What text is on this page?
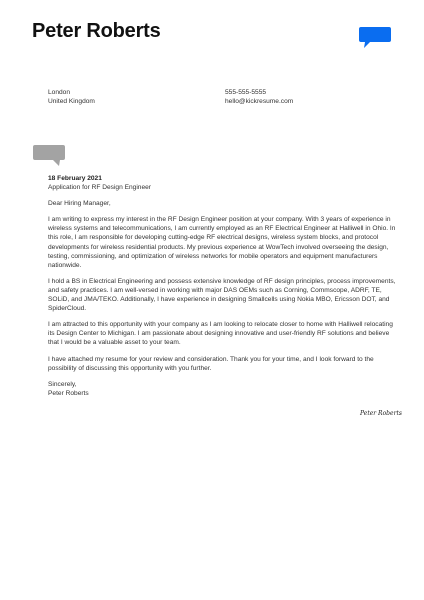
Peter Roberts
London
United Kingdom
555-555-5555
hello@kickresume.com
18 February 2021
Application for RF Design Engineer
Dear Hiring Manager,

I am writing to express my interest in the RF Design Engineer position at your company. With 3 years of experience in wireless systems and telecommunications, I am currently employed as an RF Electrical Engineer at Halliwell in Ohio. In this role, I am responsible for developing cutting-edge RF electrical designs, wireless system blocks, and protocol developments for wireless residential products. My previous experience at WowTech involved overseeing the design, testing, commissioning, and optimization of wireless networks for mobile operators and equipment manufacturers nationwide.

I hold a BS in Electrical Engineering and possess extensive knowledge of RF design principles, process improvements, and safety practices. I am well-versed in working with major DAS OEMs such as Corning, Commscope, ADRF, TE, SOLiD, and JMA/TEKO. Additionally, I have experience in designing Smallcells using Nokia MBO, Ericsson DOT, and SpiderCloud.

I am attracted to this opportunity with your company as I am looking to relocate closer to home with Halliwell relocating its Design Center to Michigan. I am passionate about designing innovative and user-friendly RF solutions and believe that I would be a valuable asset to your team.

I have attached my resume for your review and consideration. Thank you for your time, and I look forward to the possibility of discussing this opportunity with you further.

Sincerely,
Peter Roberts
Peter Roberts
